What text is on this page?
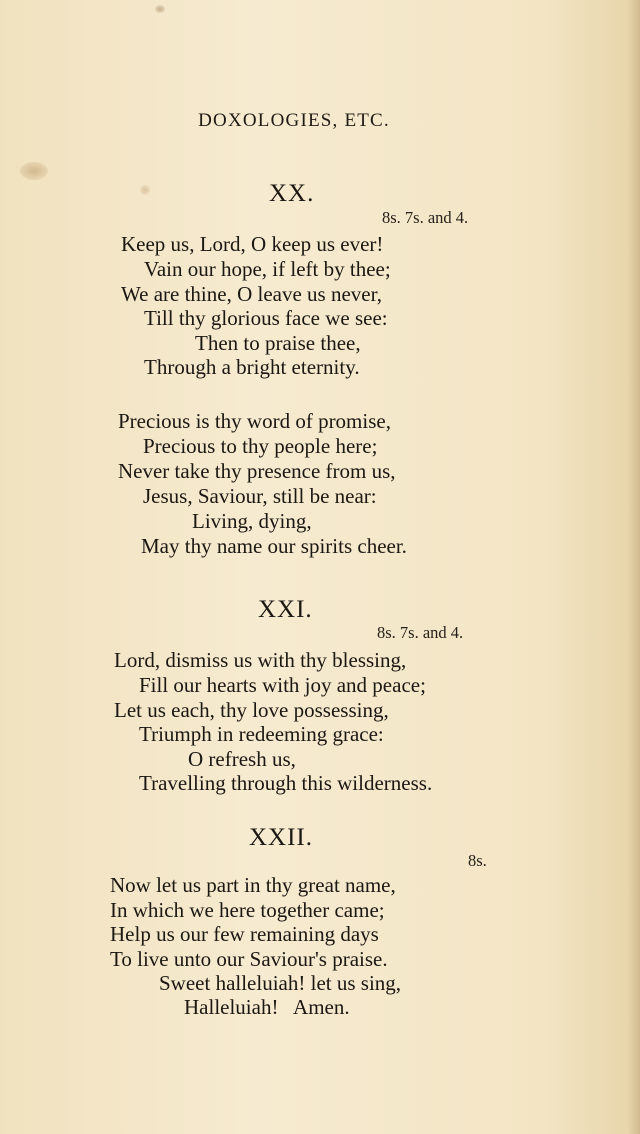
DOXOLOGIES, ETC.
XX.
8s. 7s. and 4.
Keep us, Lord, O keep us ever!
Vain our hope, if left by thee;
We are thine, O leave us never,
Till thy glorious face we see:
Then to praise thee,
Through a bright eternity.
Precious is thy word of promise,
Precious to thy people here;
Never take thy presence from us,
Jesus, Saviour, still be near:
Living, dying,
May thy name our spirits cheer.
XXI.
8s. 7s. and 4.
Lord, dismiss us with thy blessing,
Fill our hearts with joy and peace;
Let us each, thy love possessing,
Triumph in redeeming grace:
O refresh us,
Travelling through this wilderness.
XXII.
8s.
Now let us part in thy great name,
In which we here together came;
Help us our few remaining days
To live unto our Saviour's praise.
Sweet halleluiah! let us sing,
Halleluiah!   Amen.
